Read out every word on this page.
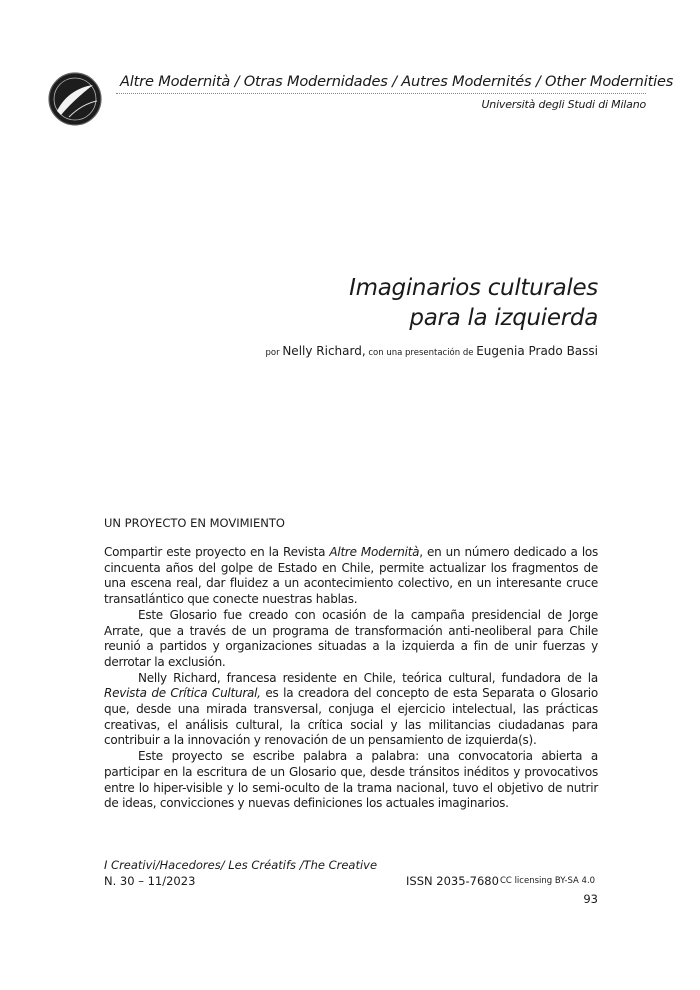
Altre Modernità / Otras Modernidades / Autres Modernités / Other Modernities
Università degli Studi di Milano
Imaginarios culturales
para la izquierda
por Nelly Richard, con una presentación de Eugenia Prado Bassi
UN PROYECTO EN MOVIMIENTO

Compartir este proyecto en la Revista Altre Modernità, en un número dedicado a los cincuenta años del golpe de Estado en Chile, permite actualizar los fragmentos de una escena real, dar fluidez a un acontecimiento colectivo, en un interesante cruce transatlántico que conecte nuestras hablas.

Este Glosario fue creado con ocasión de la campaña presidencial de Jorge Arrate, que a través de un programa de transformación anti-neoliberal para Chile reunió a partidos y organizaciones situadas a la izquierda a fin de unir fuerzas y derrotar la exclusión.

Nelly Richard, francesa residente en Chile, teórica cultural, fundadora de la Revista de Crítica Cultural, es la creadora del concepto de esta Separata o Glosario que, desde una mirada transversal, conjuga el ejercicio intelectual, las prácticas creativas, el análisis cultural, la crítica social y las militancias ciudadanas para contribuir a la innovación y renovación de un pensamiento de izquierda(s).

Este proyecto se escribe palabra a palabra: una convocatoria abierta a participar en la escritura de un Glosario que, desde tránsitos inéditos y provocativos entre lo hiper-visible y lo semi-oculto de la trama nacional, tuvo el objetivo de nutrir de ideas, convicciones y nuevas definiciones los actuales imaginarios.

I Creativi/Hacedores/ Les Créatifs /The Creative
N. 30 – 11/2023	ISSN 2035-7680 CC licensing BY-SA 4.0
93
